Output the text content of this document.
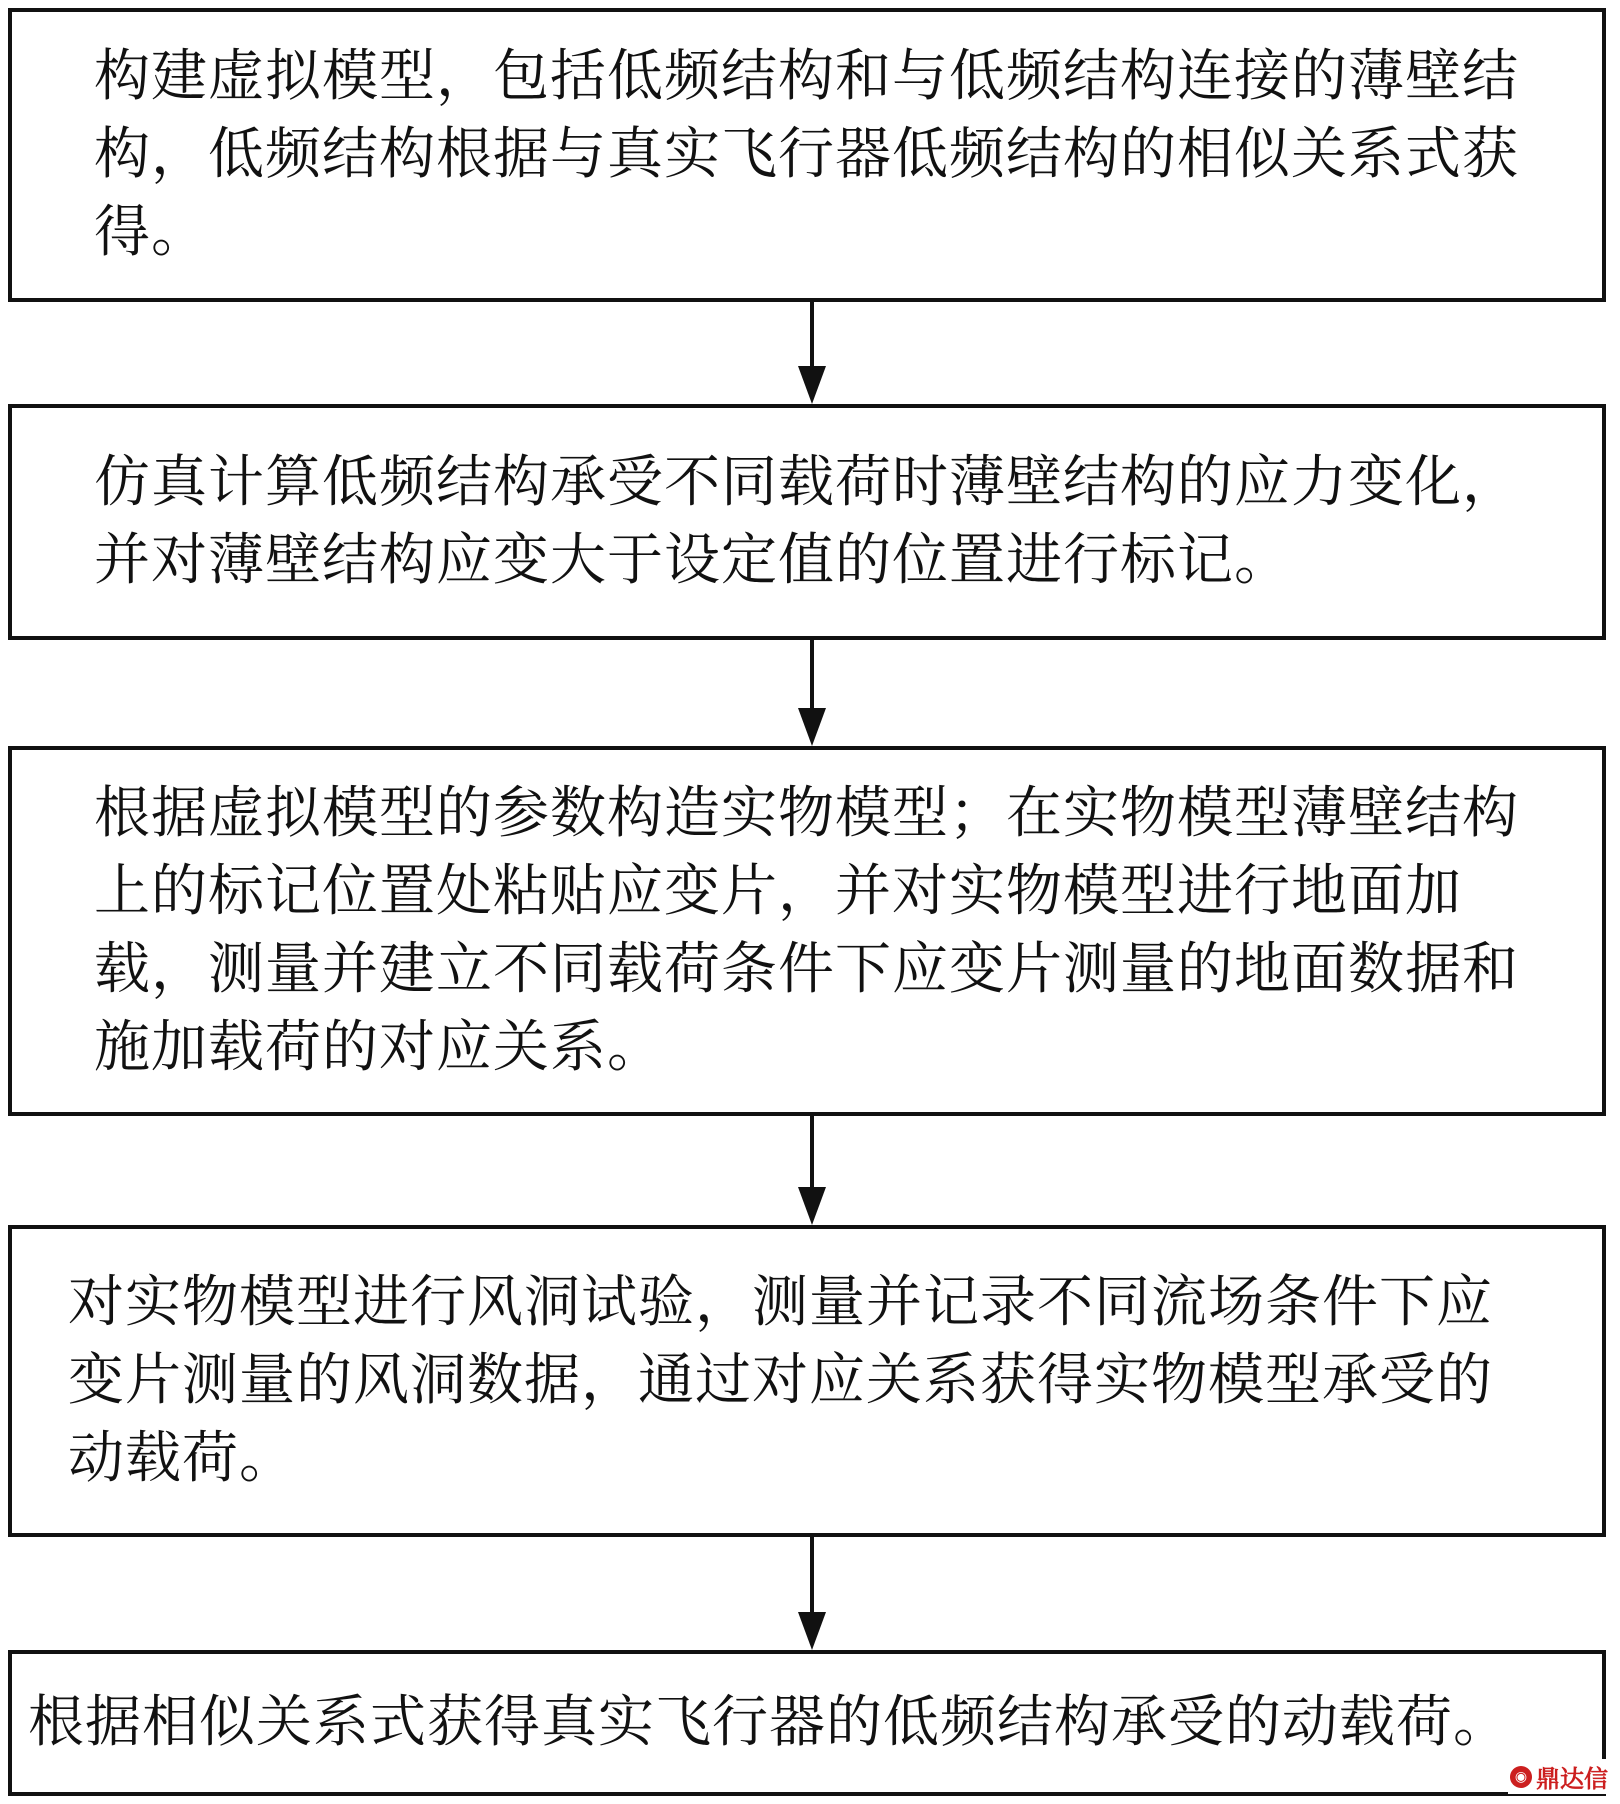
构建虚拟模型，包括低频结构和与低频结构连接的薄壁结构，低频结构根据与真实飞行器低频结构的相似关系式获得。
仿真计算低频结构承受不同载荷时薄壁结构的应力变化，并对薄壁结构应变大于设定值的位置进行标记。
根据虚拟模型的参数构造实物模型；在实物模型薄壁结构上的标记位置处粘贴应变片，并对实物模型进行地面加载，测量并建立不同载荷条件下应变片测量的地面数据和施加载荷的对应关系。
对实物模型进行风洞试验，测量并记录不同流场条件下应变片测量的风洞数据，通过对应关系获得实物模型承受的动载荷。
根据相似关系式获得真实飞行器的低频结构承受的动载荷。
◉ 鼎达信
